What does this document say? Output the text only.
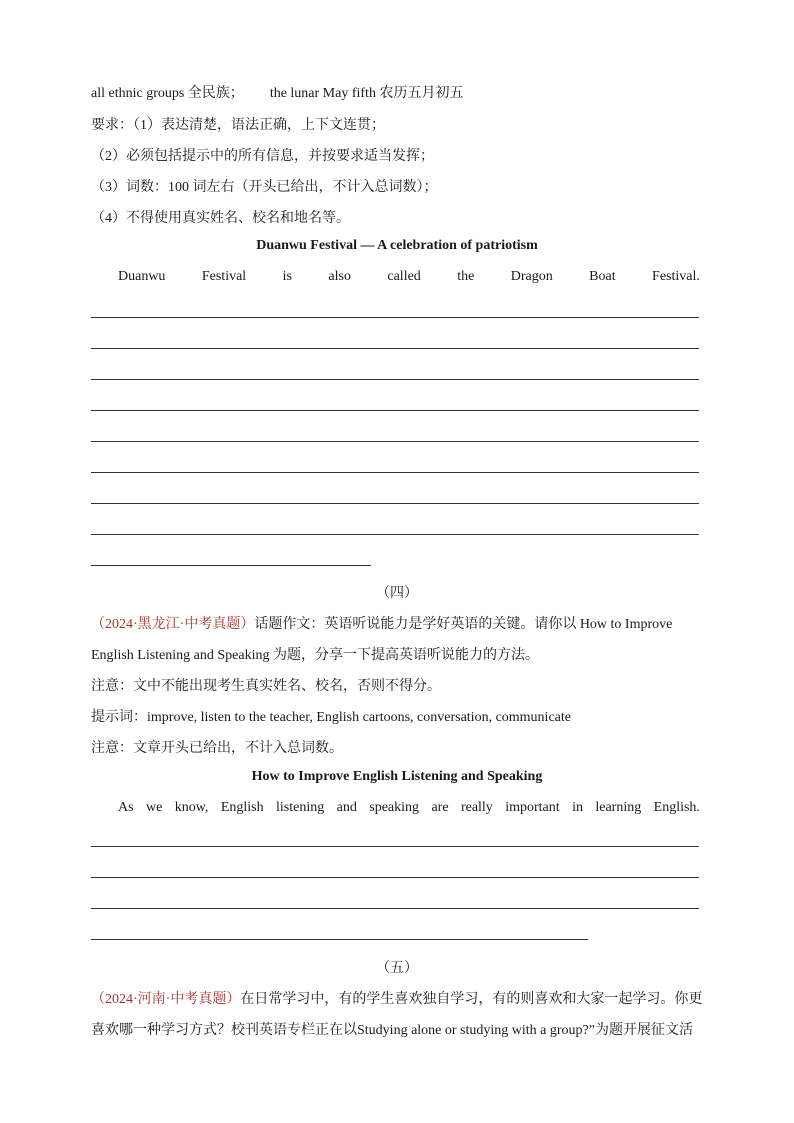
all ethnic groups 全民族； the lunar May fifth 农历五月初五
要求：（1）表达清楚，语法正确，上下文连贯；
（2）必须包括提示中的所有信息，并按要求适当发挥；
（3）词数：100 词左右（开头已给出，不计入总词数）；
（4）不得使用真实姓名、校名和地名等。
Duanwu Festival — A celebration of patriotism
Duanwu	Festival	is	also	called	the	Dragon	Boat	Festival.
（四）
（2024·黑龙江·中考真题）话题作文：英语听说能力是学好英语的关键。请你以 How to Improve
English Listening and Speaking 为题，分享一下提高英语听说能力的方法。
注意：文中不能出现考生真实姓名、校名，否则不得分。
提示词：improve, listen to the teacher, English cartoons, conversation, communicate
注意：文章开头已给出，不计入总词数。
How to Improve English Listening and Speaking
As we know, English listening and speaking are really important in learning English.
（五）
（2024·河南·中考真题）在日常学习中，有的学生喜欢独自学习，有的则喜欢和大家一起学习。你更
喜欢哪一种学习方式？校刊英语专栏正在以Studying alone or studying with a group?”为题开展征文活
